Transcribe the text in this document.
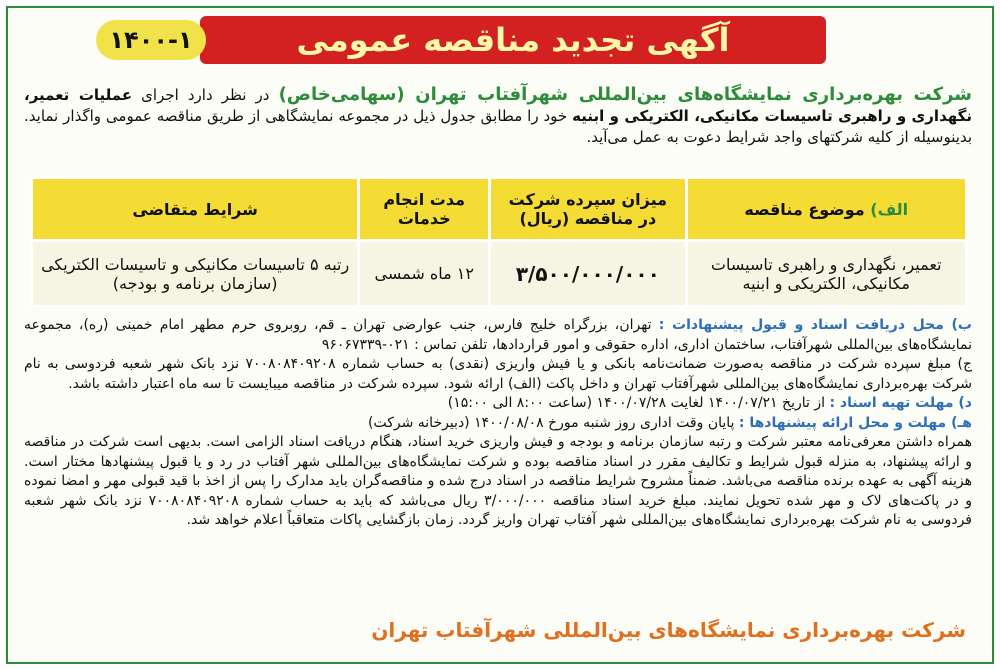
آگهی تجدید مناقصه عمومی
۱۴۰۰-۱
شرکت بهره‌برداری نمایشگاه‌های بین‌المللی شهرآفتاب تهران (سهامی‌خاص) در نظر دارد اجرای عملیات تعمیر، نگهداری و راهبری تاسیسات مکانیکی، الکتریکی و ابنیه خود را مطابق جدول ذیل در مجموعه نمایشگاهی از طریق مناقصه عمومی واگذار نماید. بدینوسیله از کلیه شرکتهای واجد شرایط دعوت به عمل می‌آید.
الف) موضوع مناقصه	میزان سپرده شرکت در مناقصه (ریال)	مدت انجام خدمات	شرایط متقاضی
تعمیر، نگهداری و راهبری تاسیسات مکانیکی، الکتریکی و ابنیه	۳/۵۰۰/۰۰۰/۰۰۰	۱۲ ماه شمسی	رتبه ۵ تاسیسات مکانیکی و تاسیسات الکتریکی (سازمان برنامه و بودجه)
ب) محل دریافت اسناد و قبول پیشنهادات : تهران، بزرگراه خلیج فارس، جنب عوارضی تهران ـ قم، روبروی حرم مطهر امام خمینی (ره)، مجموعه نمایشگاه‌های بین‌المللی شهرآفتاب، ساختمان اداری، اداره حقوقی و امور قراردادها، تلفن تماس : ۰۲۱-۹۶۰۶۷۳۳۹
ج) مبلغ سپرده شرکت در مناقصه به‌صورت ضمانت‌نامه بانکی و یا فیش واریزی (نقدی) به حساب شماره ۷۰۰۸۰۸۴۰۹۲۰۸ نزد بانک شهر شعبه فردوسی به نام شرکت بهره‌برداری نمایشگاه‌های بین‌المللی شهرآفتاب تهران و داخل پاکت (الف) ارائه شود. سپرده شرکت در مناقصه میبایست تا سه ماه اعتبار داشته باشد.
د) مهلت تهیه اسناد : از تاریخ ۱۴۰۰/۰۷/۲۱ لغایت ۱۴۰۰/۰۷/۲۸ (ساعت ۸:۰۰ الی ۱۵:۰۰)
هـ) مهلت و محل ارائه پیشنهادها : پایان وقت اداری روز شنبه مورخ ۱۴۰۰/۰۸/۰۸ (دبیرخانه شرکت)
همراه داشتن معرفی‌نامه معتبر شرکت و رتبه سازمان برنامه و بودجه و فیش واریزی خرید اسناد، هنگام دریافت اسناد الزامی است. بدیهی است شرکت در مناقصه و ارائه پیشنهاد، به منزله قبول شرایط و تکالیف مقرر در اسناد مناقصه بوده و شرکت نمایشگاه‌های بین‌المللی شهر آفتاب در رد و یا قبول پیشنهادها مختار است. هزینه آگهی به عهده برنده مناقصه می‌باشد. ضمناً مشروح شرایط مناقصه در اسناد درج شده و مناقصه‌گران باید مدارک را پس از اخذ با قید قبولی مهر و امضا نموده و در پاکت‌های لاک و مهر شده تحویل نمایند. مبلغ خرید اسناد مناقصه ۳/۰۰۰/۰۰۰ ریال می‌باشد که باید به حساب شماره ۷۰۰۸۰۸۴۰۹۲۰۸ نزد بانک شهر شعبه فردوسی به نام شرکت بهره‌برداری نمایشگاه‌های بین‌المللی شهر آفتاب تهران واریز گردد. زمان بازگشایی پاکات متعاقباً اعلام خواهد شد.
شرکت بهره‌برداری نمایشگاه‌های بین‌المللی شهرآفتاب تهران
